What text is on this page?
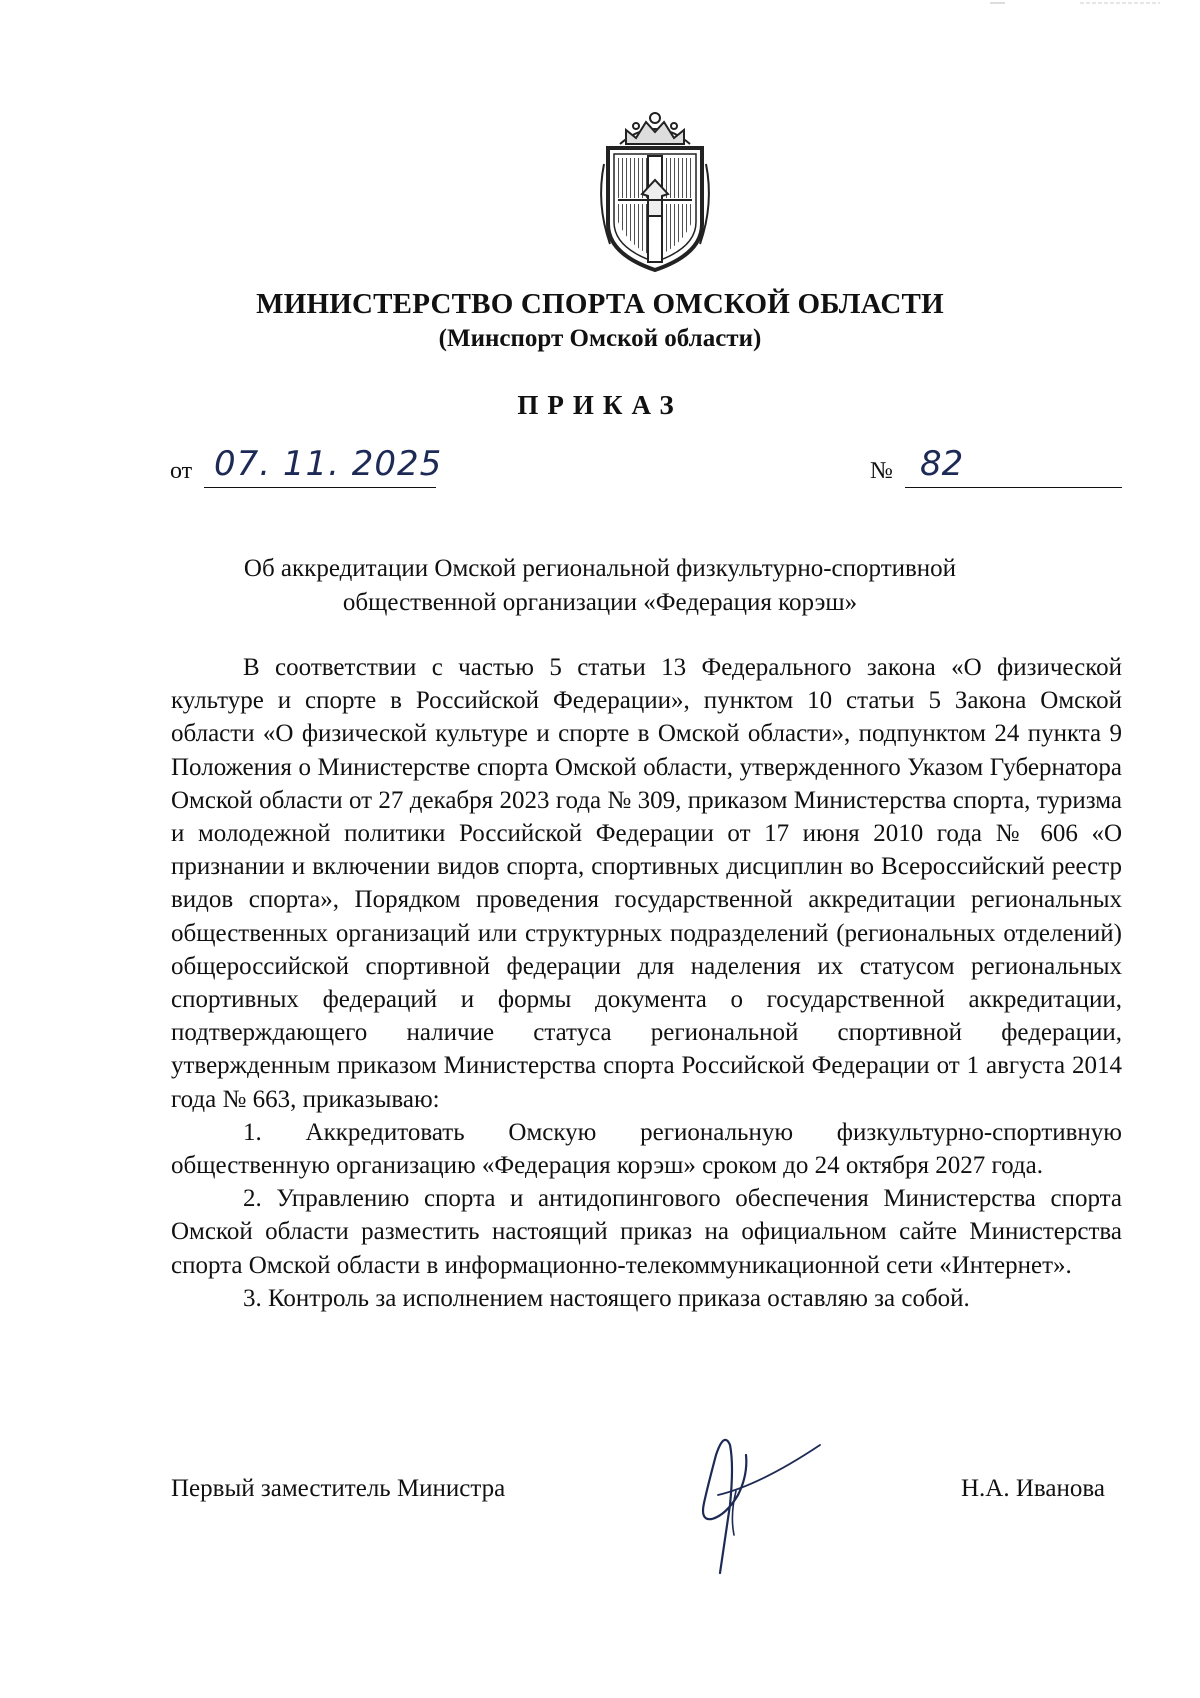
МИНИСТЕРСТВО СПОРТА ОМСКОЙ ОБЛАСТИ
(Минспорт Омской области)
ПРИКАЗ
от 07. 11. 2025	№ 82
Об аккредитации Омской региональной физкультурно-спортивной
общественной организации «Федерация корэш»

В соответствии с частью 5 статьи 13 Федерального закона «О физической культуре и спорте в Российской Федерации», пунктом 10 статьи 5 Закона Омской области «О физической культуре и спорте в Омской области», подпунктом 24 пункта 9 Положения о Министерстве спорта Омской области, утвержденного Указом Губернатора Омской области от 27 декабря 2023 года № 309, приказом Министерства спорта, туризма и молодежной политики Российской Федерации от 17 июня 2010 года № 606 «О признании и включении видов спорта, спортивных дисциплин во Всероссийский реестр видов спорта», Порядком проведения государственной аккредитации региональных общественных организаций или структурных подразделений (региональных отделений) общероссийской спортивной федерации для наделения их статусом региональных спортивных федераций и формы документа о государственной аккредитации, подтверждающего наличие статуса региональной спортивной федерации, утвержденным приказом Министерства спорта Российской Федерации от 1 августа 2014 года № 663, приказываю:

1. Аккредитовать Омскую региональную физкультурно-спортивную общественную организацию «Федерация корэш» сроком до 24 октября 2027 года.

2. Управлению спорта и антидопингового обеспечения Министерства спорта Омской области разместить настоящий приказ на официальном сайте Министерства спорта Омской области в информационно-телекоммуникационной сети «Интернет».

3. Контроль за исполнением настоящего приказа оставляю за собой.

Первый заместитель Министра	Н.А. Иванова
